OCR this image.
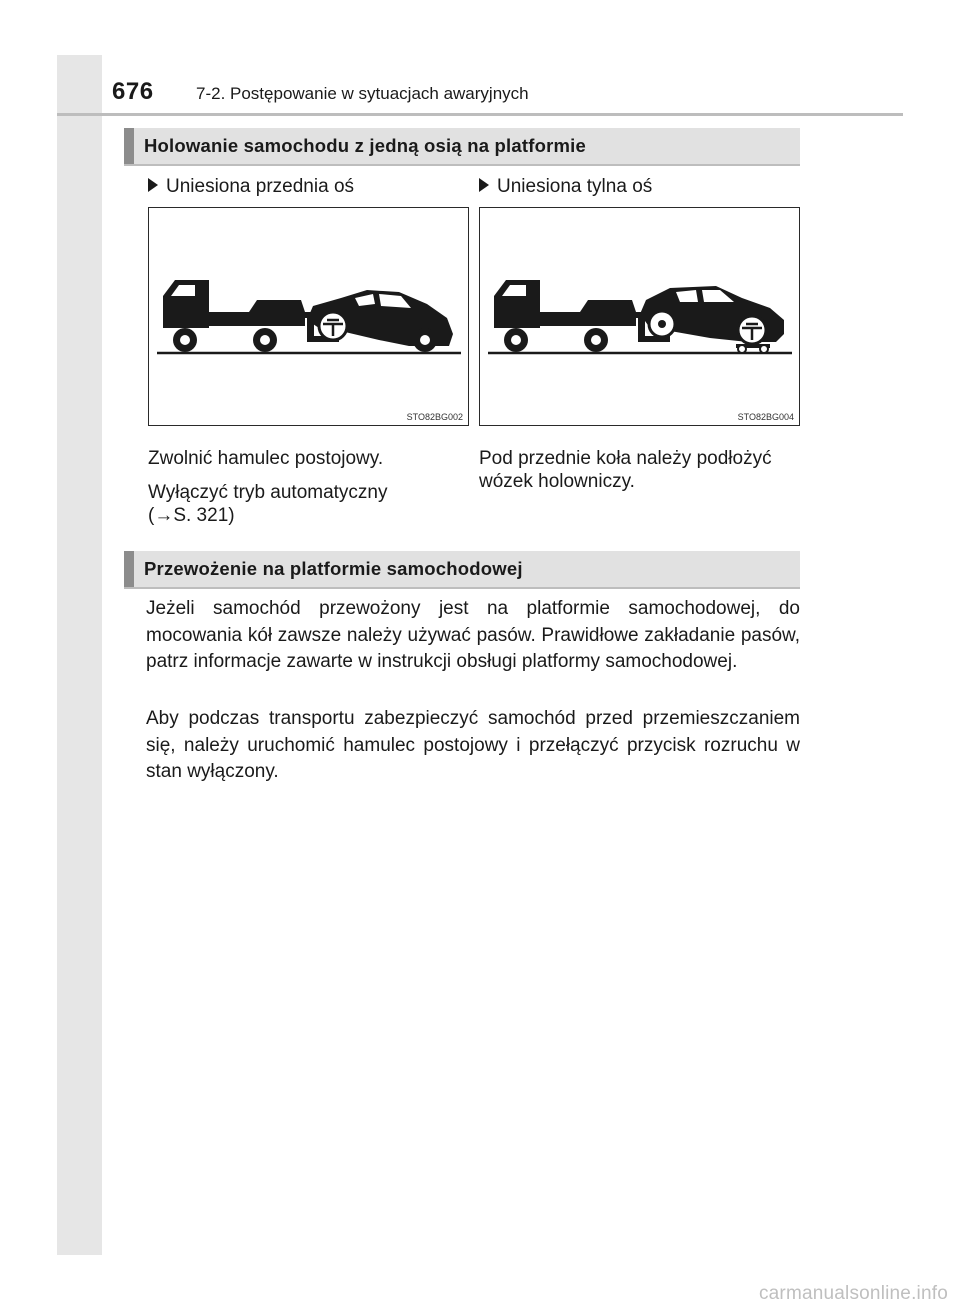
676 7-2. Postępowanie w sytuacjach awaryjnych
Holowanie samochodu z jedną osią na platformie
Uniesiona przednia oś	Uniesiona tylna oś
STO82BG002	STO82BG004
Zwolnić hamulec postojowy.
Wyłączyć tryb automatyczny
(→S. 321)
Pod przednie koła należy podłożyć
wózek holowniczy.
Przewożenie na platformie samochodowej
Jeżeli samochód przewożony jest na platformie samochodowej, do mocowania kół zawsze należy używać pasów. Prawidłowe zakładanie pasów, patrz informacje zawarte w instrukcji obsługi platformy samochodowej.
Aby podczas transportu zabezpieczyć samochód przed przemieszczaniem się, należy uruchomić hamulec postojowy i przełączyć przycisk rozruchu w stan wyłączony.
carmanualsonline.info
